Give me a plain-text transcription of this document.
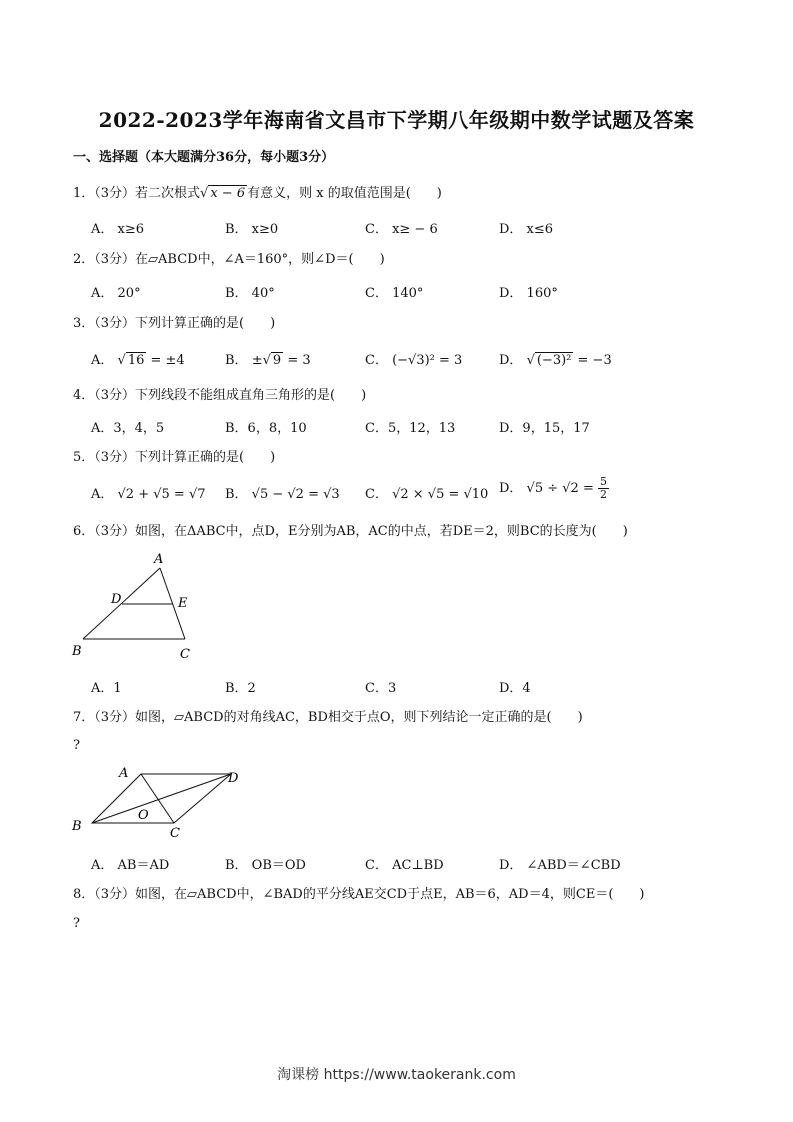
2022-2023学年海南省文昌市下学期八年级期中数学试题及答案
一、选择题（本大题满分36分，每小题3分）
1．（3分）若二次根式√ x − 6 有意义，则 x 的取值范围是(　　)
A． x≥6	B． x≥0	C． x≥ − 6	D． x≤6
2．（3分）在▱ABCD中，∠A＝160°，则∠D＝(　　)
A． 20°	B． 40°	C． 140°	D． 160°
3．（3分）下列计算正确的是(　　)
A． √ 16 = ±4	B． ±√ 9 = 3	C． (−√3)² = 3	D． √ (−3)² = −3
4．（3分）下列线段不能组成直角三角形的是(　　)
A．3，4，5	B．6，8，10	C．5，12，13	D．9，15，17
5．（3分）下列计算正确的是(　　)
A． √2 + √5 = √7 B． √5 − √2 = √3 C． √2 × √5 = √10 D． $√5 \div √2 = \frac{5}{2}$
6．（3分）如图，在ΔABC中，点D，E分别为AB，AC的中点，若DE＝2，则BC的长度为(　　)
A
D	E
B	C
A．1	B．2	C．3	D．4
7．（3分）如图，▱ABCD的对角线AC，BD相交于点O，则下列结论一定正确的是(　　)
?
A	D
O
B	C
A． AB＝AD	B． OB＝OD	C． AC⊥BD	D． ∠ABD＝∠CBD
8．（3分）如图，在▱ABCD中，∠BAD的平分线AE交CD于点E，AB＝6，AD＝4，则CE＝(　　)
?
淘课榜 https://www.taokerank.com
